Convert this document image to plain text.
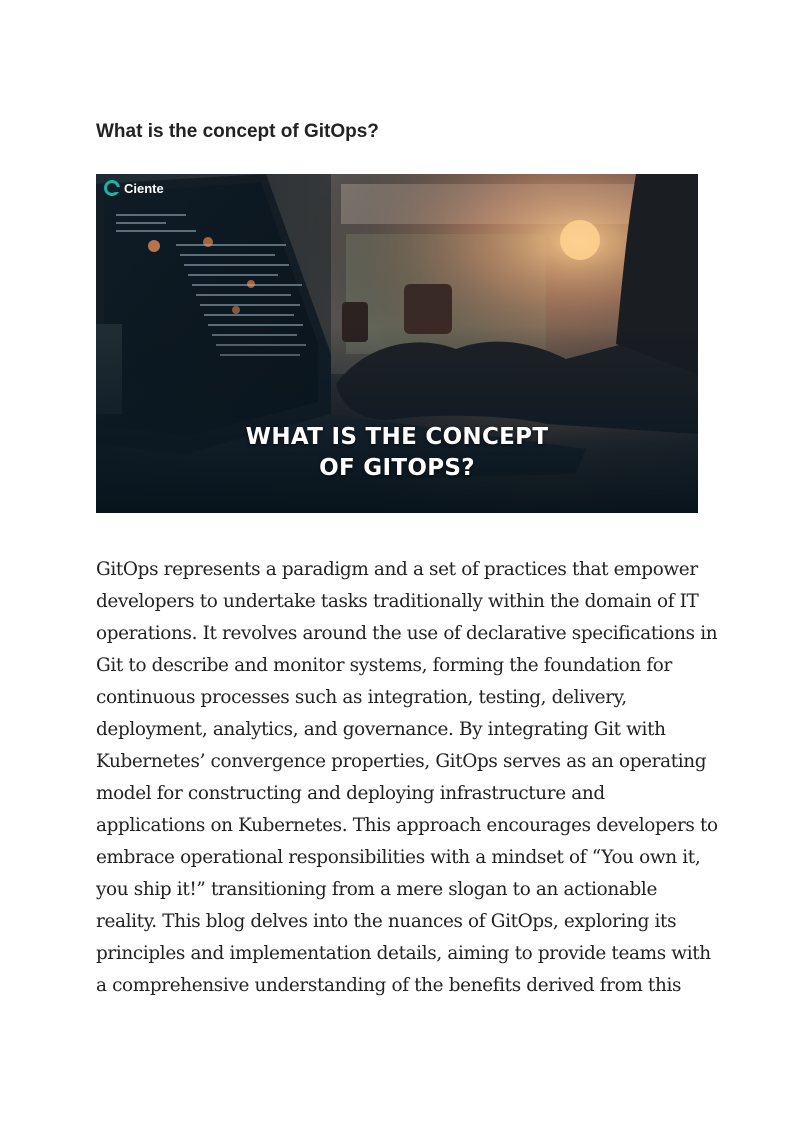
What is the concept of GitOps?
Ciente
WHAT IS THE CONCEPT
OF GITOPS?

GitOps represents a paradigm and a set of practices that empower
developers to undertake tasks traditionally within the domain of IT
operations. It revolves around the use of declarative specifications in
Git to describe and monitor systems, forming the foundation for
continuous processes such as integration, testing, delivery,
deployment, analytics, and governance. By integrating Git with
Kubernetes’ convergence properties, GitOps serves as an operating
model for constructing and deploying infrastructure and
applications on Kubernetes. This approach encourages developers to
embrace operational responsibilities with a mindset of “You own it,
you ship it!” transitioning from a mere slogan to an actionable
reality. This blog delves into the nuances of GitOps, exploring its
principles and implementation details, aiming to provide teams with
a comprehensive understanding of the benefits derived from this
